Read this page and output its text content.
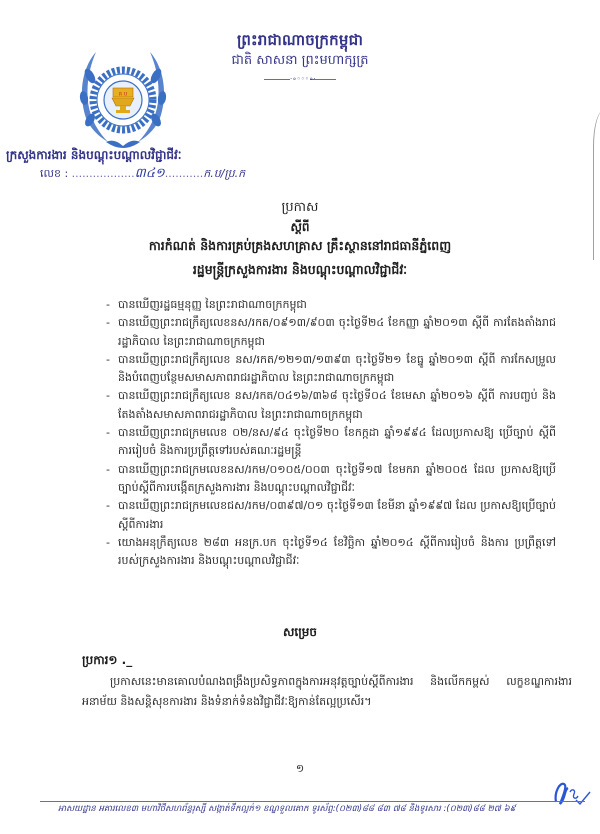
គ ប
ព្រះរាជាណាចក្រកម្ពុជា
ជាតិ សាសនា ព្រះមហាក្សត្រ
·∘◦◦◦∘·
ក្រសួងការងារ និងបណ្តុះបណ្តាលវិជ្ជាជីវៈ
លេខ : ..................៣៤១...........ក.ប/ប្រ.ក
ប្រកាស
ស្តីពី
ការកំណត់ និងការគ្រប់គ្រងសហគ្រាស គ្រឹះស្ថាននៅរាជធានីភ្នំពេញ
រដ្ឋមន្ត្រីក្រសួងការងារ និងបណ្តុះបណ្តាលវិជ្ជាជីវៈ
- បានឃើញរដ្ឋធម្មនុញ្ញ នៃព្រះរាជាណាចក្រកម្ពុជា
- បានឃើញព្រះរាជក្រឹត្យលេខនស/រកត/០៩១៣/៩០៣ ចុះថ្ងៃទី២៤ ខែកញ្ញា ឆ្នាំ២០១៣ ស្តីពី ការតែងតាំងរាជរដ្ឋាភិបាល នៃព្រះរាជាណាចក្រកម្ពុជា
- បានឃើញព្រះរាជក្រឹត្យលេខ នស/រកត/១២១៣/១៣៩៣ ចុះថ្ងៃទី២១ ខែធ្នូ ឆ្នាំ២០១៣ ស្តីពី ការកែសម្រួល និងបំពេញបន្ថែមសមាសភាពរាជរដ្ឋាភិបាល នៃព្រះរាជាណាចក្រកម្ពុជា
- បានឃើញព្រះរាជក្រឹត្យលេខ នស/រកត/០៤១៦/៣៦៨ ចុះថ្ងៃទី០៤ ខែមេសា ឆ្នាំ២០១៦ ស្តីពី ការបញ្ចប់ និងតែងតាំងសមាសភាពរាជរដ្ឋាភិបាល នៃព្រះរាជាណាចក្រកម្ពុជា
- បានឃើញព្រះរាជក្រមលេខ ០២/នស/៩៤ ចុះថ្ងៃទី២០ ខែកក្កដា ឆ្នាំ១៩៩៤ ដែលប្រកាសឱ្យ ប្រើច្បាប់ ស្តីពីការរៀបចំ និងការប្រព្រឹត្តទៅរបស់គណៈរដ្ឋមន្ត្រី
- បានឃើញព្រះរាជក្រមលេខនស/រកម/០១០៥/០០៣ ចុះថ្ងៃទី១៧ ខែមករា ឆ្នាំ២០០៥ ដែល ប្រកាសឱ្យប្រើច្បាប់ស្តីពីការបង្កើតក្រសួងការងារ និងបណ្តុះបណ្តាលវិជ្ជាជីវៈ
- បានឃើញព្រះរាជក្រមលេខជស/រកម/០៣៩៧/០១ ចុះថ្ងៃទី១៣ ខែមីនា ឆ្នាំ១៩៩៧ ដែល ប្រកាសឱ្យប្រើច្បាប់ស្តីពីការងារ
- យោងអនុក្រឹត្យលេខ ២៨៣ អនក្រ.បក ចុះថ្ងៃទី១៤ ខែវិច្ឆិកា ឆ្នាំ២០១៤ ស្តីពីការរៀបចំ និងការ ប្រព្រឹត្តទៅរបស់ក្រសួងការងារ និងបណ្តុះបណ្តាលវិជ្ជាជីវៈ
សម្រេច
ប្រការ១ ._
ប្រកាសនេះមានគោលបំណងពង្រឹងប្រសិទ្ធភាពក្នុងការអនុវត្តច្បាប់ស្តីពីការងារ និងលើកកម្ពស់ លក្ខខណ្ឌការងារ អនាម័យ និងសន្តិសុខការងារ និងទំនាក់ទំនងវិជ្ជាជីវៈឱ្យកាន់តែល្អប្រសើរ។
១
អាសយដ្ឋាន អគារលេខ៣ មហាវិថីសហព័ន្ធរុស្សី សង្កាត់ទឹកល្អក់១ ខណ្ឌទួលគោក ទូរស័ព្ទ:(០២៣)៨៨ ៨៣ ៧៨ និងទូរសារ :(០២៣)៨៨ ២៧ ៦៩
